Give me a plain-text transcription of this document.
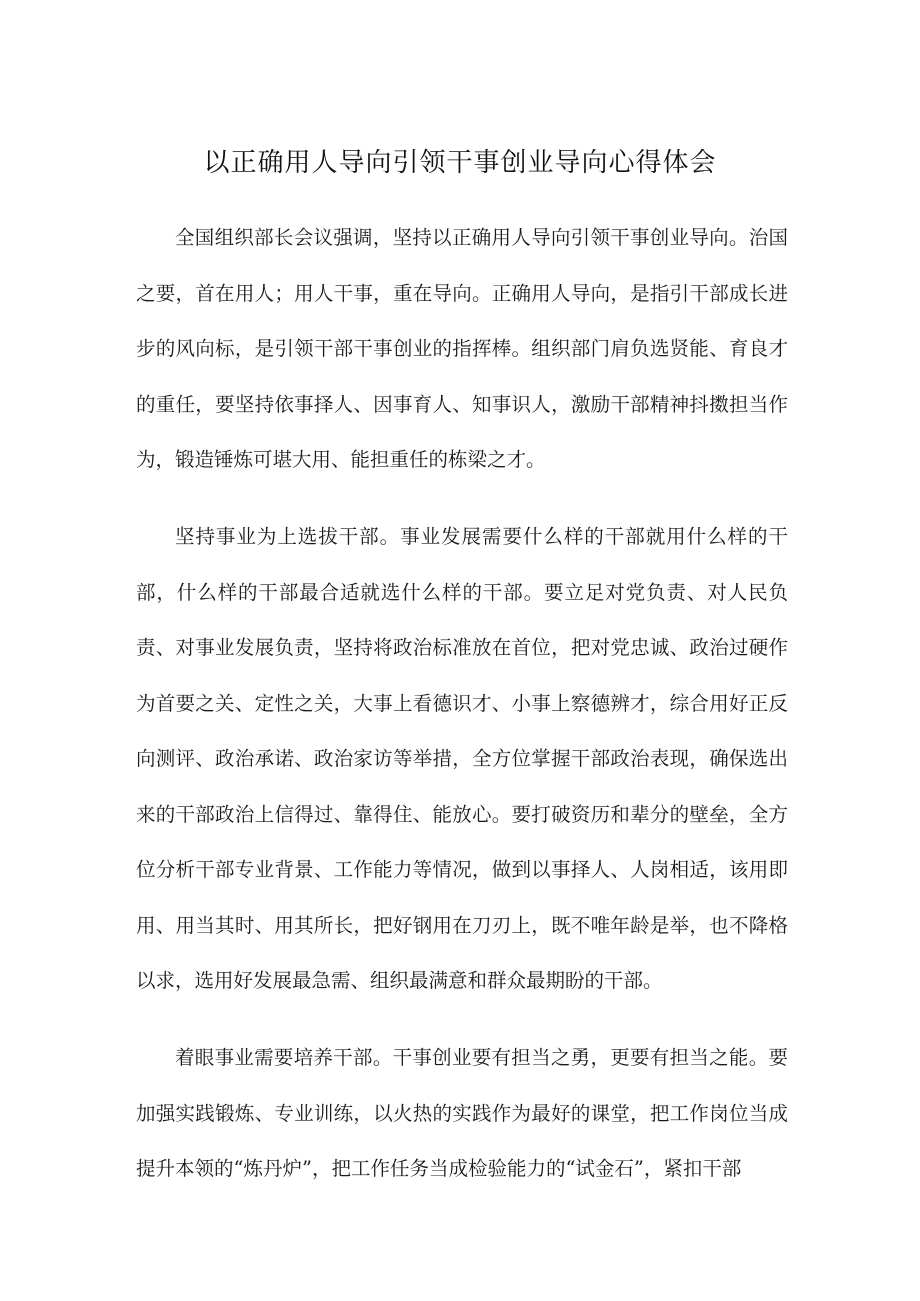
以正确用人导向引领干事创业导向心得体会

全国组织部长会议强调，坚持以正确用人导向引领干事创业导向。治国之要，首在用人；用人干事，重在导向。正确用人导向，是指引干部成长进步的风向标，是引领干部干事创业的指挥棒。组织部门肩负选贤能、育良才的重任，要坚持依事择人、因事育人、知事识人，激励干部精神抖擞担当作为，锻造锤炼可堪大用、能担重任的栋梁之才。

坚持事业为上选拔干部。事业发展需要什么样的干部就用什么样的干部，什么样的干部最合适就选什么样的干部。要立足对党负责、对人民负责、对事业发展负责，坚持将政治标准放在首位，把对党忠诚、政治过硬作为首要之关、定性之关，大事上看德识才、小事上察德辨才，综合用好正反向测评、政治承诺、政治家访等举措，全方位掌握干部政治表现，确保选出来的干部政治上信得过、靠得住、能放心。要打破资历和辈分的壁垒，全方位分析干部专业背景、工作能力等情况，做到以事择人、人岗相适，该用即用、用当其时、用其所长，把好钢用在刀刃上，既不唯年龄是举，也不降格以求，选用好发展最急需、组织最满意和群众最期盼的干部。

着眼事业需要培养干部。干事创业要有担当之勇，更要有担当之能。要加强实践锻炼、专业训练，以火热的实践作为最好的课堂，把工作岗位当成提升本领的“炼丹炉”，把工作任务当成检验能力的“试金石”，紧扣干部
